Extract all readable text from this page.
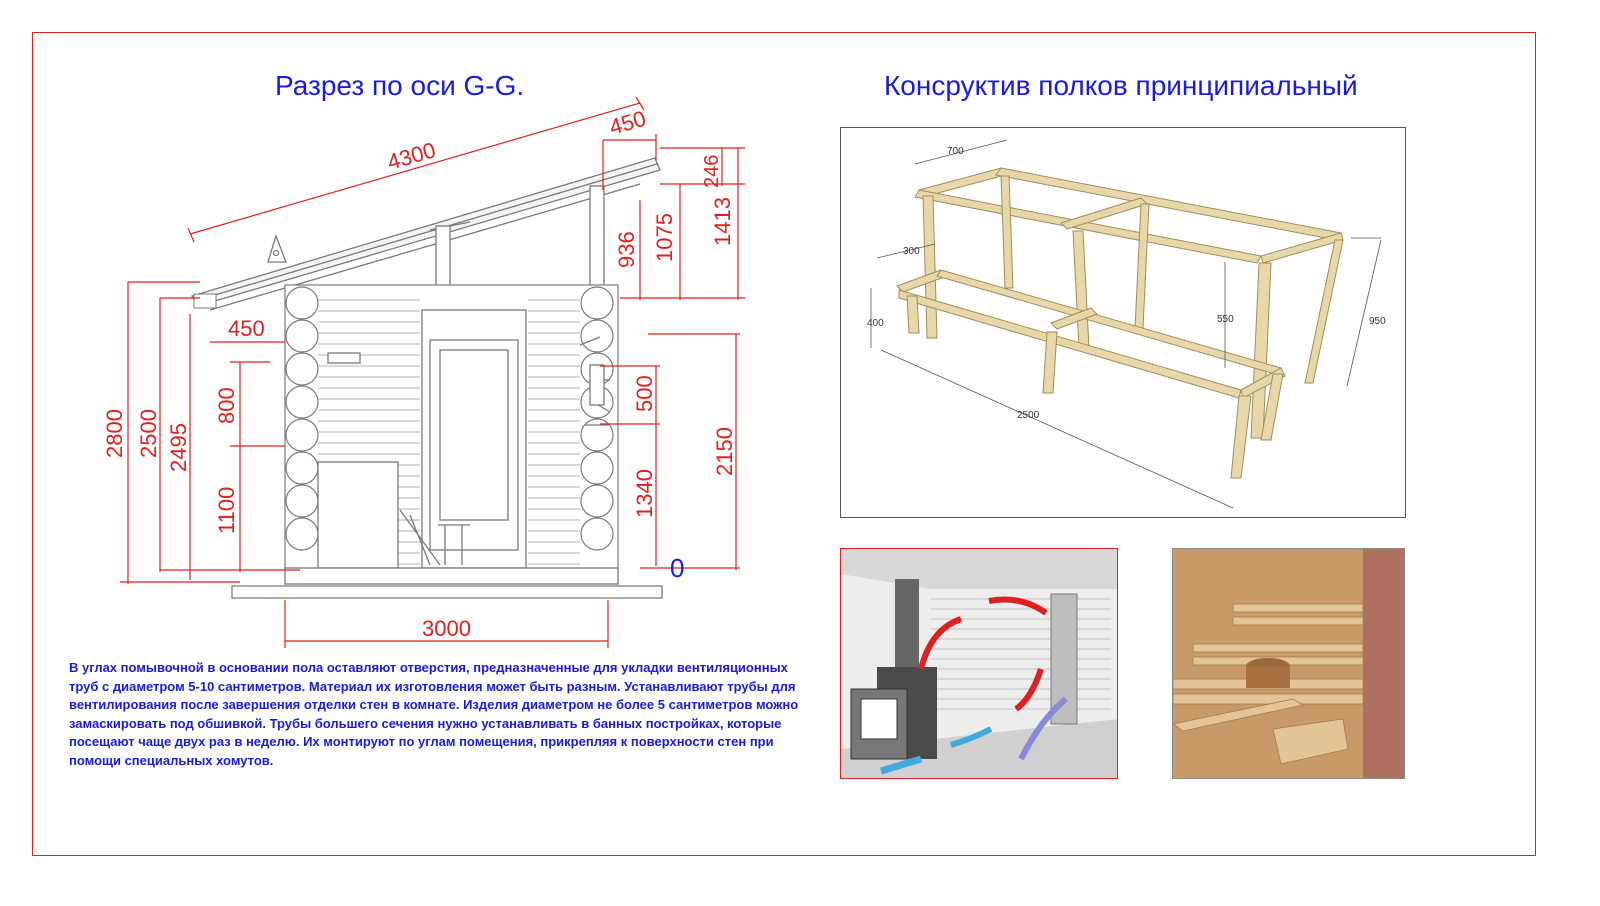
Разрез по оси G-G.	Консруктив полков принципиальный
4300
450
246
1413
1075
936
450
2800 2500 2495
800
1100
500
1340
2150
3000
0
700
300
400	550
2500
950
В углах помывочной в основании пола оставляют отверстия, предназначенные для укладки вентиляционных труб с диаметром 5-10 сантиметров. Материал их изготовления может быть разным. Устанавливают трубы для вентилирования после завершения отделки стен в комнате. Изделия диаметром не более 5 сантиметров можно замаскировать под обшивкой. Трубы большего сечения нужно устанавливать в банных постройках, которые посещают чаще двух раз в неделю. Их монтируют по углам помещения, прикрепляя к поверхности стен при помощи специальных хомутов.
